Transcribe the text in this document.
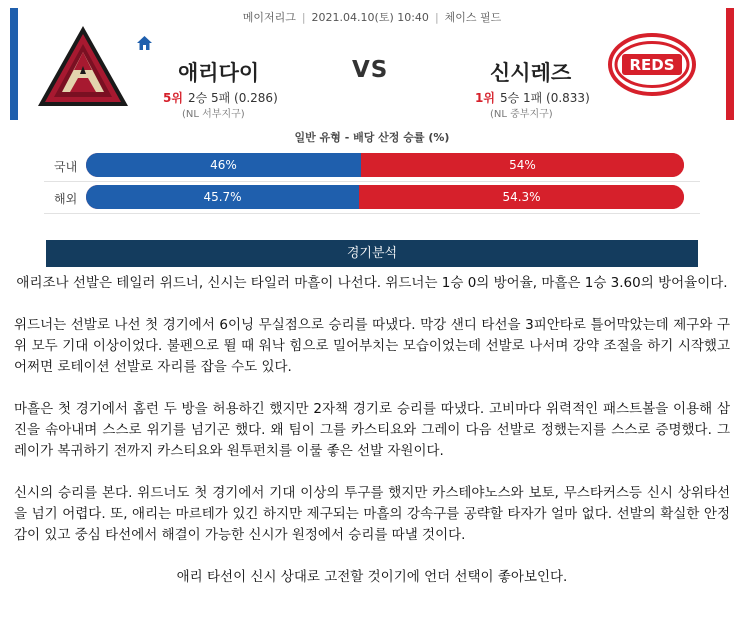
메이저리그 | 2021.04.10(토) 10:40 | 체이스 필드
REDS
애리다이	VS	신시레즈
5위 2승 5패 (0.286)	1위 5승 1패 (0.833)
(NL 서부지구)	(NL 중부지구)
일반 유형 - 배당 산정 승률 (%)
국내	46%	54%
해외	45.7%	54.3%
경기분석

애리조나 선발은 테일러 위드너, 신시는 타일러 마흘이 나선다. 위드너는 1승 0의 방어율, 마흘은 1승 3.60의 방어율이다.

위드너는 선발로 나선 첫 경기에서 6이닝 무실점으로 승리를 따냈다. 막강 샌디 타선을 3피안타로 틀어막았는데 제구와 구위 모두 기대 이상이었다. 불펜으로 뛸 때 워낙 힘으로 밀어부치는 모습이었는데 선발로 나서며 강약 조절을 하기 시작했고 어쩌면 로테이션 선발로 자리를 잡을 수도 있다.

마흘은 첫 경기에서 홈런 두 방을 허용하긴 했지만 2자책 경기로 승리를 따냈다. 고비마다 위력적인 패스트볼을 이용해 삼진을 솎아내며 스스로 위기를 넘기곤 했다. 왜 팀이 그를 카스티요와 그레이 다음 선발로 정했는지를 스스로 증명했다. 그레이가 복귀하기 전까지 카스티요와 원투펀치를 이룰 좋은 선발 자원이다.

신시의 승리를 본다. 위드너도 첫 경기에서 기대 이상의 투구를 했지만 카스테야노스와 보토, 무스타커스등 신시 상위타선을 넘기 어렵다. 또, 애리는 마르테가 있긴 하지만 제구되는 마흘의 강속구를 공략할 타자가 얼마 없다. 선발의 확실한 안정감이 있고 중심 타선에서 해결이 가능한 신시가 원정에서 승리를 따낼 것이다.

애리 타선이 신시 상대로 고전할 것이기에 언더 선택이 좋아보인다.
